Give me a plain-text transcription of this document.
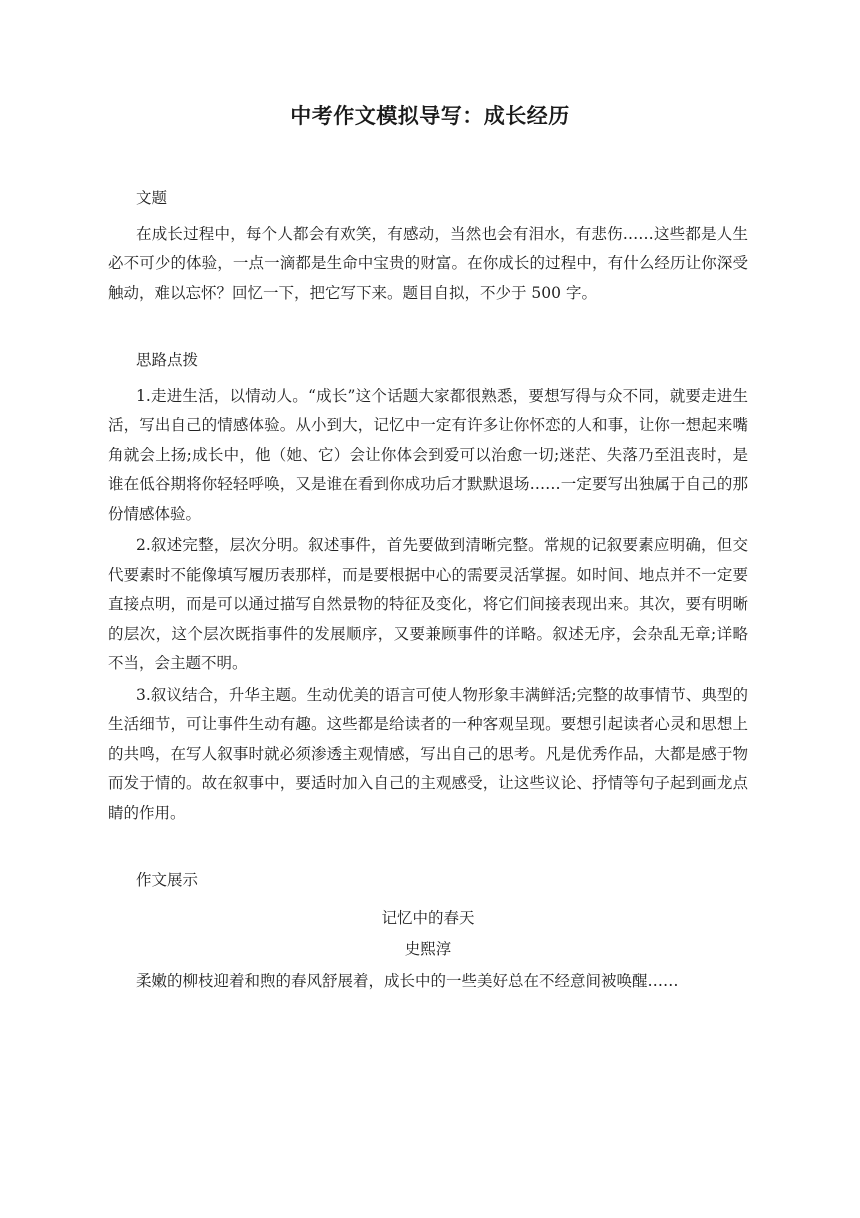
中考作文模拟导写：成长经历

文题

在成长过程中，每个人都会有欢笑，有感动，当然也会有泪水，有悲伤……这些都是人生必不可少的体验，一点一滴都是生命中宝贵的财富。在你成长的过程中，有什么经历让你深受触动，难以忘怀？回忆一下，把它写下来。题目自拟，不少于 500 字。

思路点拨

1.走进生活，以情动人。“成长”这个话题大家都很熟悉，要想写得与众不同，就要走进生活，写出自己的情感体验。从小到大，记忆中一定有许多让你怀恋的人和事，让你一想起来嘴角就会上扬;成长中，他（她、它）会让你体会到爱可以治愈一切;迷茫、失落乃至沮丧时，是谁在低谷期将你轻轻呼唤，又是谁在看到你成功后才默默退场……一定要写出独属于自己的那份情感体验。

2.叙述完整，层次分明。叙述事件，首先要做到清晰完整。常规的记叙要素应明确，但交代要素时不能像填写履历表那样，而是要根据中心的需要灵活掌握。如时间、地点并不一定要直接点明，而是可以通过描写自然景物的特征及变化，将它们间接表现出来。其次，要有明晰的层次，这个层次既指事件的发展顺序，又要兼顾事件的详略。叙述无序，会杂乱无章;详略不当，会主题不明。

3.叙议结合，升华主题。生动优美的语言可使人物形象丰满鲜活;完整的故事情节、典型的生活细节，可让事件生动有趣。这些都是给读者的一种客观呈现。要想引起读者心灵和思想上的共鸣，在写人叙事时就必须渗透主观情感，写出自己的思考。凡是优秀作品，大都是感于物而发于情的。故在叙事中，要适时加入自己的主观感受，让这些议论、抒情等句子起到画龙点睛的作用。

作文展示

记忆中的春天

史熙淳

柔嫩的柳枝迎着和煦的春风舒展着，成长中的一些美好总在不经意间被唤醒……
